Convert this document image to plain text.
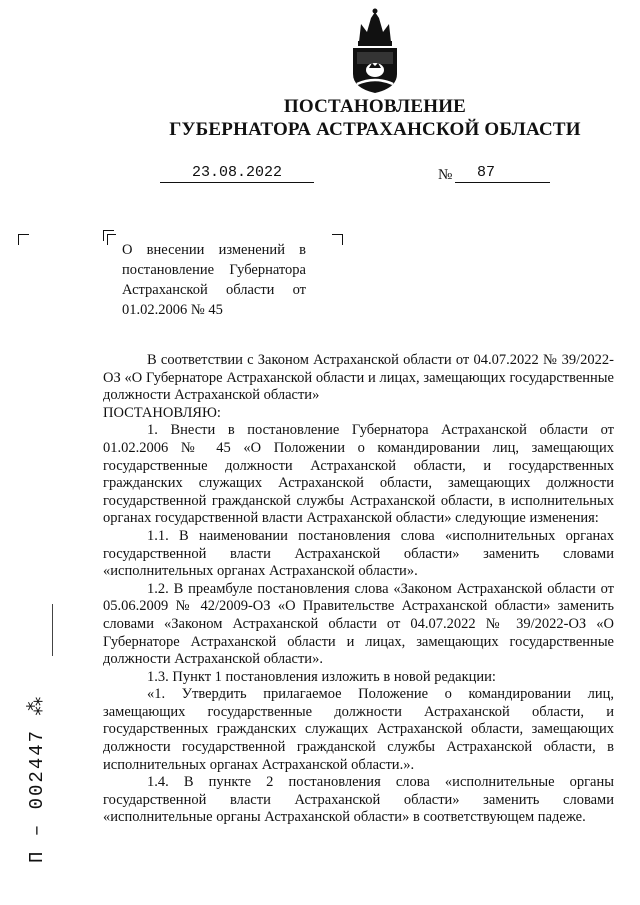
ПОСТАНОВЛЕНИЕ
ГУБЕРНАТОРА АСТРАХАНСКОЙ ОБЛАСТИ
23.08.2022	№	87
О внесении изменений в постановление Губернатора Астраханской области от 01.02.2006 № 45

В соответствии с Законом Астраханской области от 04.07.2022 № 39/2022-ОЗ «О Губернаторе Астраханской области и лицах, замещающих государственные должности Астраханской области»

ПОСТАНОВЛЯЮ:

1. Внести в постановление Губернатора Астраханской области от 01.02.2006 № 45 «О Положении о командировании лиц, замещающих государственные должности Астраханской области, и государственных гражданских служащих Астраханской области, замещающих должности государственной гражданской службы Астраханской области, в исполнительных органах государственной власти Астраханской области» следующие изменения:

1.1. В наименовании постановления слова «исполнительных органах государственной власти Астраханской области» заменить словами «исполнительных органах Астраханской области».

1.2. В преамбуле постановления слова «Законом Астраханской области от 05.06.2009 № 42/2009-ОЗ «О Правительстве Астраханской области» заменить словами «Законом Астраханской области от 04.07.2022 № 39/2022-ОЗ «О Губернаторе Астраханской области и лицах, замещающих государственные должности Астраханской области».

1.3. Пункт 1 постановления изложить в новой редакции:

«1. Утвердить прилагаемое Положение о командировании лиц, замещающих государственные должности Астраханской области, и государственных гражданских служащих Астраханской области, замещающих должности государственной гражданской службы Астраханской области, в исполнительных органах Астраханской области.».

1.4. В пункте 2 постановления слова «исполнительные органы государственной власти Астраханской области» заменить словами «исполнительные органы Астраханской области» в соответствующем падеже.

П – 002447 ⁂
